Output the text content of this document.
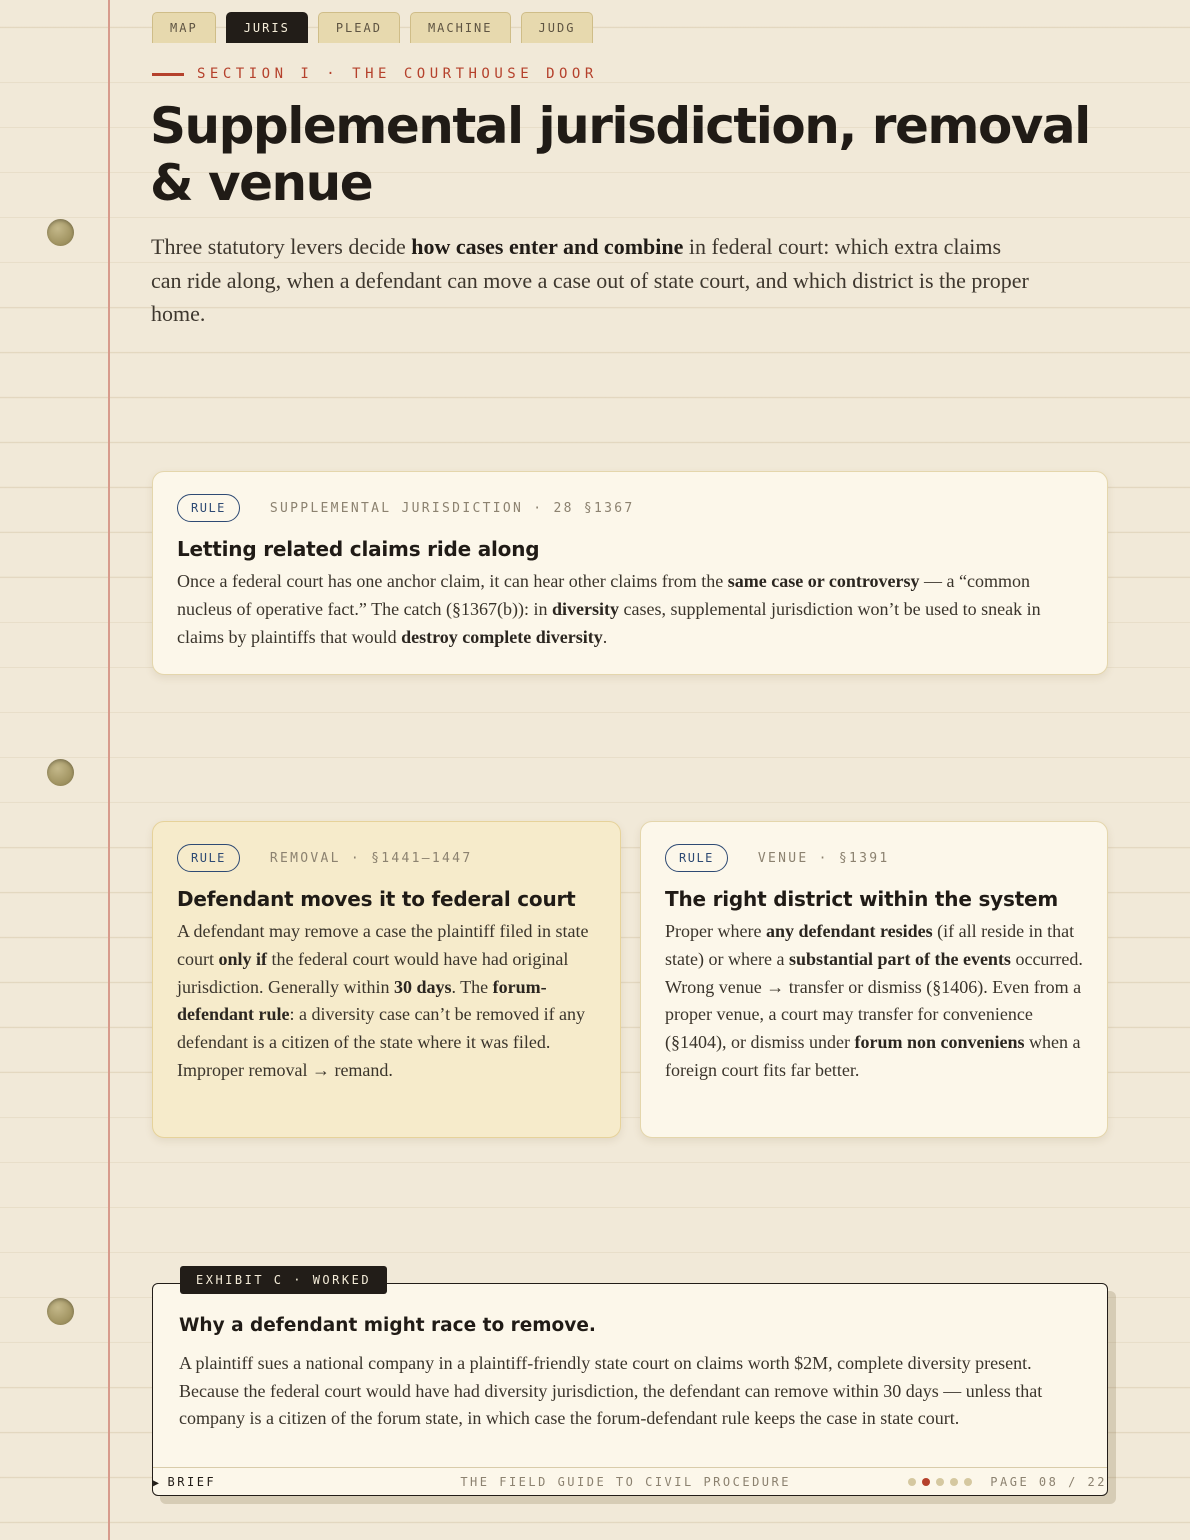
MAP	JURIS	PLEAD	MACHINE	JUDG
SECTION I · THE COURTHOUSE DOOR
Supplemental jurisdiction, removal & venue

Three statutory levers decide how cases enter and combine in federal court: which extra claims can ride along, when a defendant can move a case out of state court, and which district is the proper home.

RULE	SUPPLEMENTAL JURISDICTION · 28 §1367
Letting related claims ride along

Once a federal court has one anchor claim, it can hear other claims from the same case or controversy — a “common nucleus of operative fact.” The catch (§1367(b)): in diversity cases, supplemental jurisdiction won’t be used to sneak in claims by plaintiffs that would destroy complete diversity.

RULE	REMOVAL · §1441–1447
Defendant moves it to federal court

A defendant may remove a case the plaintiff filed in state court only if the federal court would have had original jurisdiction. Generally within 30 days. The forum-defendant rule: a diversity case can’t be removed if any defendant is a citizen of the state where it was filed. Improper removal → remand.

RULE	VENUE · §1391
The right district within the system

Proper where any defendant resides (if all reside in that state) or where a substantial part of the events occurred. Wrong venue → transfer or dismiss (§1406). Even from a proper venue, a court may transfer for convenience (§1404), or dismiss under forum non conveniens when a foreign court fits far better.

EXHIBIT C · WORKED
Why a defendant might race to remove.

A plaintiff sues a national company in a plaintiff-friendly state court on claims worth $2M, complete diversity present. Because the federal court would have had diversity jurisdiction, the defendant can remove within 30 days — unless that company is a citizen of the forum state, in which case the forum-defendant rule keeps the case in state court.

▶ BRIEF	THE FIELD GUIDE TO CIVIL PROCEDURE	PAGE 08 / 22
